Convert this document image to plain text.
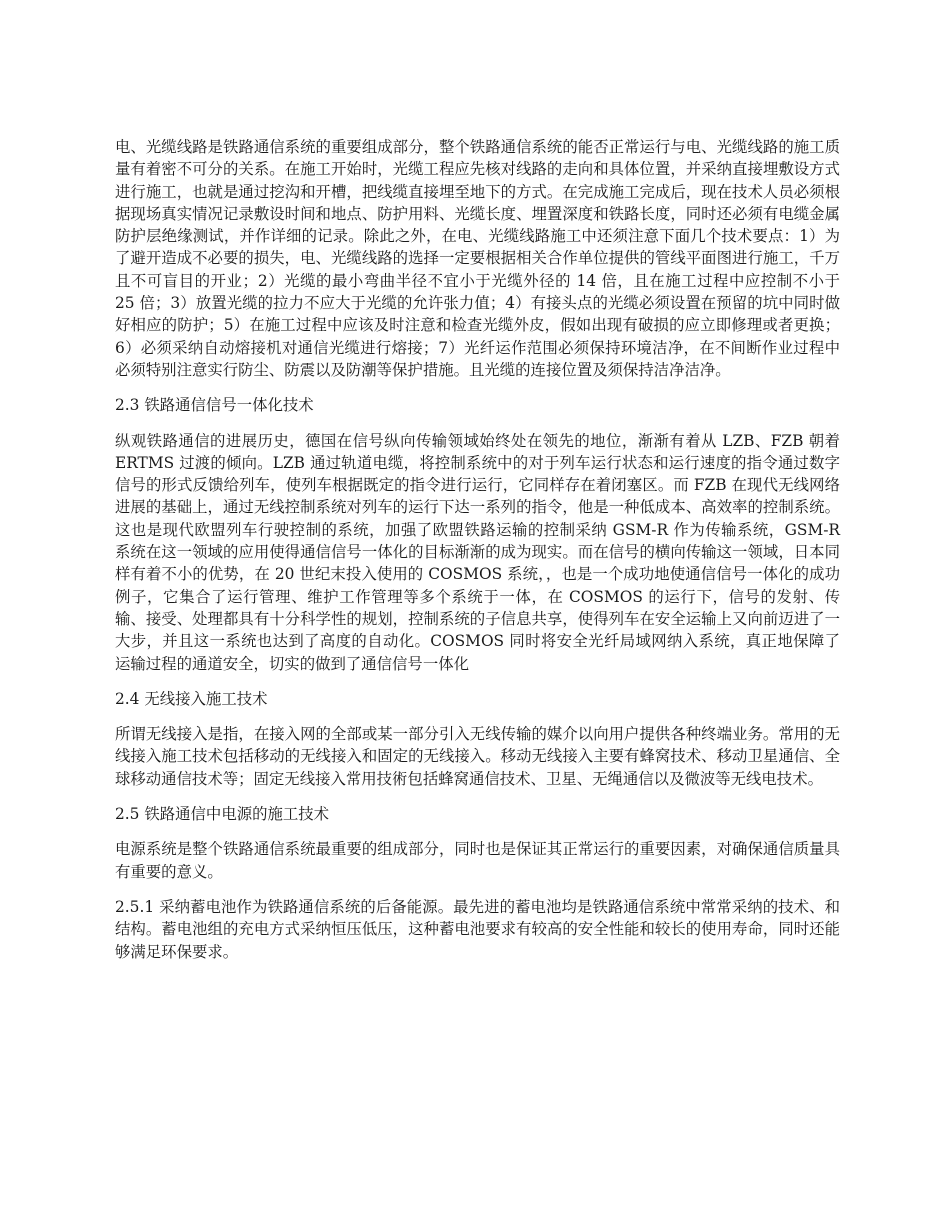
电、光缆线路是铁路通信系统的重要组成部分，整个铁路通信系统的能否正常运行与电、光缆线路的施工质量有着密不可分的关系。在施工开始时，光缆工程应先核对线路的走向和具体位置，并采纳直接埋敷设方式进行施工，也就是通过挖沟和开槽，把线缆直接埋至地下的方式。在完成施工完成后，现在技术人员必须根据现场真实情况记录敷设时间和地点、防护用料、光缆长度、埋置深度和铁路长度，同时还必须有电缆金属防护层绝缘测试，并作详细的记录。除此之外，在电、光缆线路施工中还须注意下面几个技术要点：1）为了避开造成不必要的损失，电、光缆线路的选择一定要根据相关合作单位提供的管线平面图进行施工，千万且不可盲目的开业；2）光缆的最小弯曲半径不宜小于光缆外径的 14 倍，且在施工过程中应控制不小于 25 倍；3）放置光缆的拉力不应大于光缆的允许张力值；4）有接头点的光缆必须设置在预留的坑中同时做好相应的防护；5）在施工过程中应该及时注意和检查光缆外皮，假如出现有破损的应立即修理或者更换；6）必须采纳自动熔接机对通信光缆进行熔接；7）光纤运作范围必须保持环境洁净，在不间断作业过程中必须特别注意实行防尘、防震以及防潮等保护措施。且光缆的连接位置及须保持洁净洁净。

2.3 铁路通信信号一体化技术

纵观铁路通信的进展历史，德国在信号纵向传输领域始终处在领先的地位，渐渐有着从 LZB、FZB 朝着 ERTMS 过渡的倾向。LZB 通过轨道电缆，将控制系统中的对于列车运行状态和运行速度的指令通过数字信号的形式反馈给列车，使列车根据既定的指令进行运行，它同样存在着闭塞区。而 FZB 在现代无线网络进展的基础上，通过无线控制系统对列车的运行下达一系列的指令，他是一种低成本、高效率的控制系统。这也是现代欧盟列车行驶控制的系统，加强了欧盟铁路运输的控制采纳 GSM-R 作为传输系统，GSM-R 系统在这一领域的应用使得通信信号一体化的目标渐渐的成为现实。而在信号的横向传输这一领域，日本同样有着不小的优势，在 20 世纪末投入使用的 COSMOS 系统，，也是一个成功地使通信信号一体化的成功例子，它集合了运行管理、维护工作管理等多个系统于一体，在 COSMOS 的运行下，信号的发射、传输、接受、处理都具有十分科学性的规划，控制系统的子信息共享，使得列车在安全运输上又向前迈进了一大步，并且这一系统也达到了高度的自动化。COSMOS 同时将安全光纤局域网纳入系统，真正地保障了运输过程的通道安全，切实的做到了通信信号一体化

2.4 无线接入施工技术

所谓无线接入是指，在接入网的全部或某一部分引入无线传输的媒介以向用户提供各种终端业务。常用的无线接入施工技术包括移动的无线接入和固定的无线接入。移动无线接入主要有蜂窝技术、移动卫星通信、全球移动通信技术等；固定无线接入常用技術包括蜂窝通信技术、卫星、无绳通信以及微波等无线电技术。

2.5 铁路通信中电源的施工技术

电源系统是整个铁路通信系统最重要的组成部分，同时也是保证其正常运行的重要因素，对确保通信质量具有重要的意义。

2.5.1 采纳蓄电池作为铁路通信系统的后备能源。最先进的蓄电池均是铁路通信系统中常常采纳的技术、和结构。蓄电池组的充电方式采纳恒压低压，这种蓄电池要求有较高的安全性能和较长的使用寿命，同时还能够满足环保要求。
